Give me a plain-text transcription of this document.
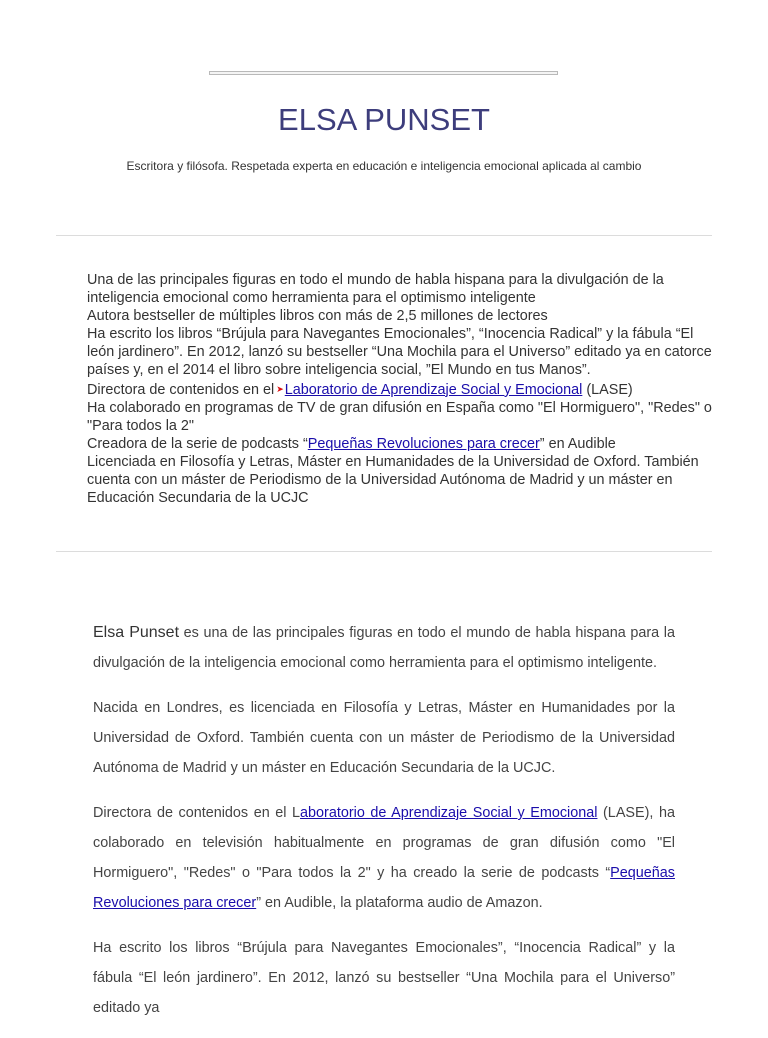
ELSA PUNSET
Escritora y filósofa. Respetada experta en educación e inteligencia emocional aplicada al cambio

Una de las principales figuras en todo el mundo de habla hispana para la divulgación de la inteligencia emocional como herramienta para el optimismo inteligente

Autora bestseller de múltiples libros con más de 2,5 millones de lectores

Ha escrito los libros “Brújula para Navegantes Emocionales”, “Inocencia Radical” y la fábula “El león jardinero”. En 2012, lanzó su bestseller “Una Mochila para el Universo” editado ya en catorce países y, en el 2014 el libro sobre inteligencia social, ”El Mundo en tus Manos”.

Directora de contenidos en el ➤Laboratorio de Aprendizaje Social y Emocional (LASE)

Ha colaborado en programas de TV de gran difusión en España como "El Hormiguero", "Redes" o "Para todos la 2"

Creadora de la serie de podcasts “Pequeñas Revoluciones para crecer” en Audible

Licenciada en Filosofía y Letras, Máster en Humanidades de la Universidad de Oxford. También cuenta con un máster de Periodismo de la Universidad Autónoma de Madrid y un máster en Educación Secundaria de la UCJC

Elsa Punset es una de las principales figuras en todo el mundo de habla hispana para la divulgación de la inteligencia emocional como herramienta para el optimismo inteligente.

Nacida en Londres, es licenciada en Filosofía y Letras, Máster en Humanidades por la Universidad de Oxford. También cuenta con un máster de Periodismo de la Universidad Autónoma de Madrid y un máster en Educación Secundaria de la UCJC.

Directora de contenidos en el Laboratorio de Aprendizaje Social y Emocional (LASE), ha colaborado en televisión habitualmente en programas de gran difusión como "El Hormiguero", "Redes" o "Para todos la 2" y ha creado la serie de podcasts “Pequeñas Revoluciones para crecer” en Audible, la plataforma audio de Amazon.

Ha escrito los libros “Brújula para Navegantes Emocionales”, “Inocencia Radical” y la fábula “El león jardinero”. En 2012, lanzó su bestseller “Una Mochila para el Universo” editado ya
